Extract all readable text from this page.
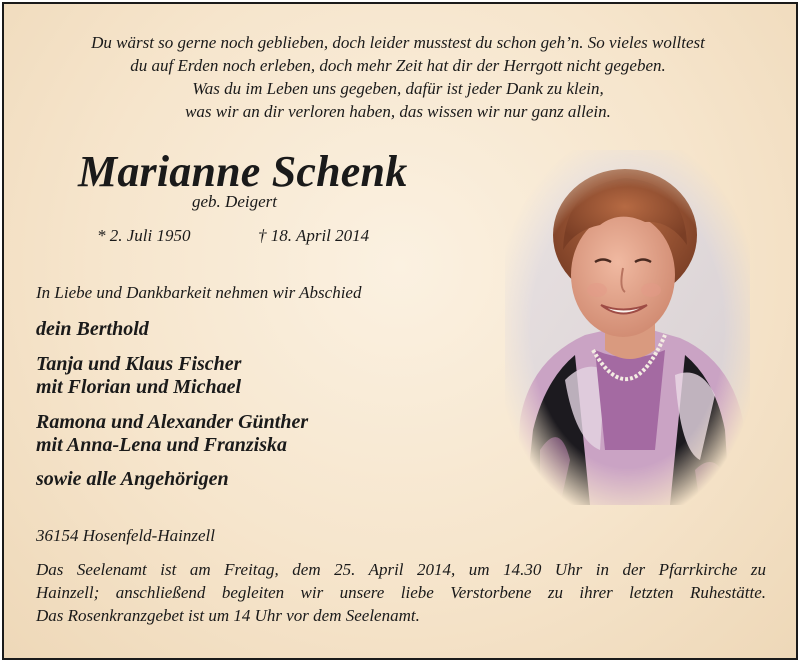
Du wärst so gerne noch geblieben, doch leider musstest du schon geh’n. So vieles wolltest
du auf Erden noch erleben, doch mehr Zeit hat dir der Herrgott nicht gegeben.
Was du im Leben uns gegeben, dafür ist jeder Dank zu klein,
was wir an dir verloren haben, das wissen wir nur ganz allein.
Marianne Schenk
geb. Deigert
* 2. Juli 1950	† 18. April 2014
In Liebe und Dankbarkeit nehmen wir Abschied
dein Berthold
Tanja und Klaus Fischer
mit Florian und Michael
Ramona und Alexander Günther
mit Anna-Lena und Franziska
sowie alle Angehörigen
36154 Hosenfeld-Hainzell
Das Seelenamt ist am Freitag, dem 25. April 2014, um 14.30 Uhr in der Pfarrkirche zu
Hainzell; anschließend begleiten wir unsere liebe Verstorbene zu ihrer letzten Ruhestätte.
Das Rosenkranzgebet ist um 14 Uhr vor dem Seelenamt.
